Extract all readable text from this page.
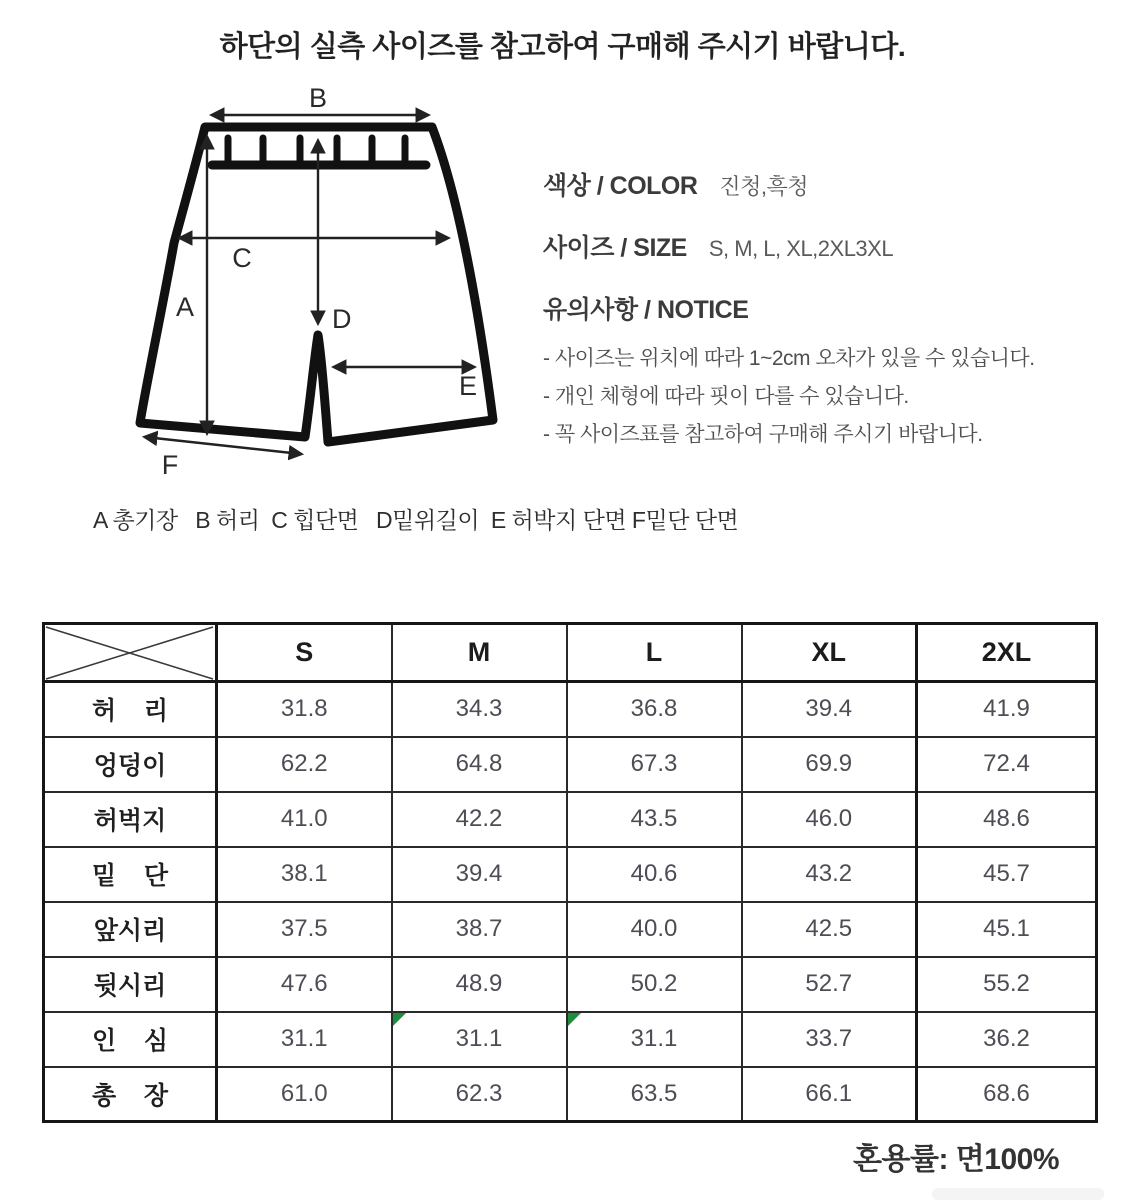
하단의 실측 사이즈를 참고하여 구매해 주시기 바랍니다.
B
A
C
D
E
F
색상 / COLOR 진청,흑청
사이즈 / SIZE S, M, L, XL,2XL3XL
유의사항 / NOTICE
- 사이즈는 위치에 따라 1~2cm 오차가 있을 수 있습니다.
- 개인 체형에 따라 핏이 다를 수 있습니다.
- 꼭 사이즈표를 참고하여 구매해 주시기 바랍니다.
A 총기장   B 허리  C 힙단면   D밑위길이  E 허박지 단면 F밑단 단면
	S	M	L	XL	2XL
허    리	31.8	34.3	36.8	39.4	41.9
엉덩이	62.2	64.8	67.3	69.9	72.4
허벅지	41.0	42.2	43.5	46.0	48.6
밑    단	38.1	39.4	40.6	43.2	45.7
앞시리	37.5	38.7	40.0	42.5	45.1
뒷시리	47.6	48.9	50.2	52.7	55.2
인    심	31.1	31.1	31.1	33.7	36.2
총    장	61.0	62.3	63.5	66.1	68.6
혼용률: 면100%
